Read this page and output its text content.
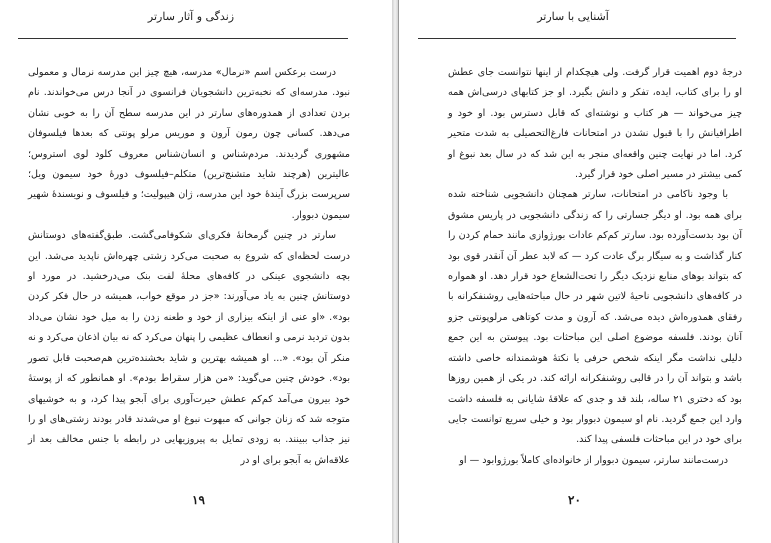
زندگی و آثار سارتر

درست برعکس اسم «نرمال» مدرسه، هیچ چیز این مدرسه نرمال و معمولی نبود. مدرسه‌ای که نخبه‌ترین دانشجویان فرانسوی در آنجا درس می‌خواندند. نام بردن تعدادی از همدوره‌های سارتر در این مدرسه سطح آن را به خوبی نشان می‌دهد. کسانی چون رمون آرون و موریس مرلو پونتی که بعدها فیلسوفان مشهوری گردیدند. مردم‌شناس و انسان‌شناس معروف کلود لوی استروس؛ عالیترین (هرچند شاید متشنج‌ترین) متکلم–فیلسوف دورهٔ خود سیمون ویل؛ سرپرست بزرگ آیندهٔ خود این مدرسه، ژان هیپولیت؛ و فیلسوف و نویسندهٔ شهیر سیمون دبووار.

سارتر در چنین گرمخانهٔ فکری‌ای شکوفامی‌گشت. طبق‌گفته‌های دوستانش درست لحظه‌ای که شروع به صحبت می‌کرد زشتی چهره‌اش ناپدید می‌شد. این بچه دانشجوی عینکی در کافه‌های محلهٔ لفت بنک می‌درخشید. در مورد او دوستانش چنین به یاد می‌آورند: «جز در موقع خواب، همیشه در حال فکر کردن بود». «او عنی از اینکه بیزاری از خود و طعنه زدن را به میل خود نشان می‌داد بدون تردید نرمی و انعطاف عظیمی را پنهان می‌کرد که نه بیان اذعان می‌کرد و نه منکر آن بود». «... او همیشه بهترین و شاید بخشنده‌ترین هم‌صحبت قابل تصور بود». خودش چنین می‌گوید: «من هزار سقراط بودم». او همانطور که از پوستهٔ خود بیرون می‌آمد کم‌کم عطش حیرت‌آوری برای آبجو پیدا کرد، و به خوشیهای متوجه شد که زنان جوانی که مبهوت نبوغ او می‌شدند قادر بودند زشتی‌های او را نیز جذاب ببینند. به زودی تمایل به پیروزیهایی در رابطه با جنس مخالف بعد از علاقه‌اش به آبجو برای او در

۱۹
آشنایی با سارتر

درجهٔ دوم اهمیت قرار گرفت. ولی هیچکدام از اینها نتوانست جای عطش او را برای کتاب، ایده، تفکر و دانش بگیرد. او جز کتابهای درسی‌اش همه چیز می‌خواند — هر کتاب و نوشته‌ای که قابل دسترس بود. او خود و اطرافیانش را با قبول نشدن در امتحانات فارغ‌التحصیلی به شدت متحیر کرد. اما در نهایت چنین واقعه‌ای منجر به این شد که در سال بعد نبوغ او کمی بیشتر در مسیر اصلی خود قرار گیرد.

با وجود ناکامی در امتحانات، سارتر همچنان دانشجویی شناخته شده برای همه بود. او دیگر جسارتی را که زندگی دانشجویی در پاریس مشوق آن بود بدست‌آورده بود. سارتر کم‌کم عادات بورژوازی مانند حمام کردن را کنار گذاشت و به سیگار برگ عادت کرد — که لابد عطر آن آنقدر قوی بود که بتواند بوهای منابع نزدیک دیگر را تحت‌الشعاع خود قرار دهد. او همواره در کافه‌های دانشجویی ناحیهٔ لاتین شهر در حال مباحثه‌هایی روشنفکرانه با رفقای همدوره‌اش دیده می‌شد. که آرون و مدت کوتاهی مرلوپونتی جزو آنان بودند. فلسفه موضوع اصلی این مباحثات بود. پیوستن به این جمع دلیلی نداشت مگر اینکه شخص حرفی یا نکتهٔ هوشمندانه خاصی داشته باشد و بتواند آن را در قالبی روشنفکرانه ارائه کند. در یکی از همین روزها بود که دختری ۲۱ ساله، بلند قد و جدی که علاقهٔ شایانی به فلسفه داشت وارد این جمع گردید. نام او سیمون دبووار بود و خیلی سریع توانست جایی برای خود در این مباحثات فلسفی پیدا کند.

درست‌مانند سارتر، سیمون دبووار از خانواده‌ای کاملاً بورژوابود — او

۲۰
